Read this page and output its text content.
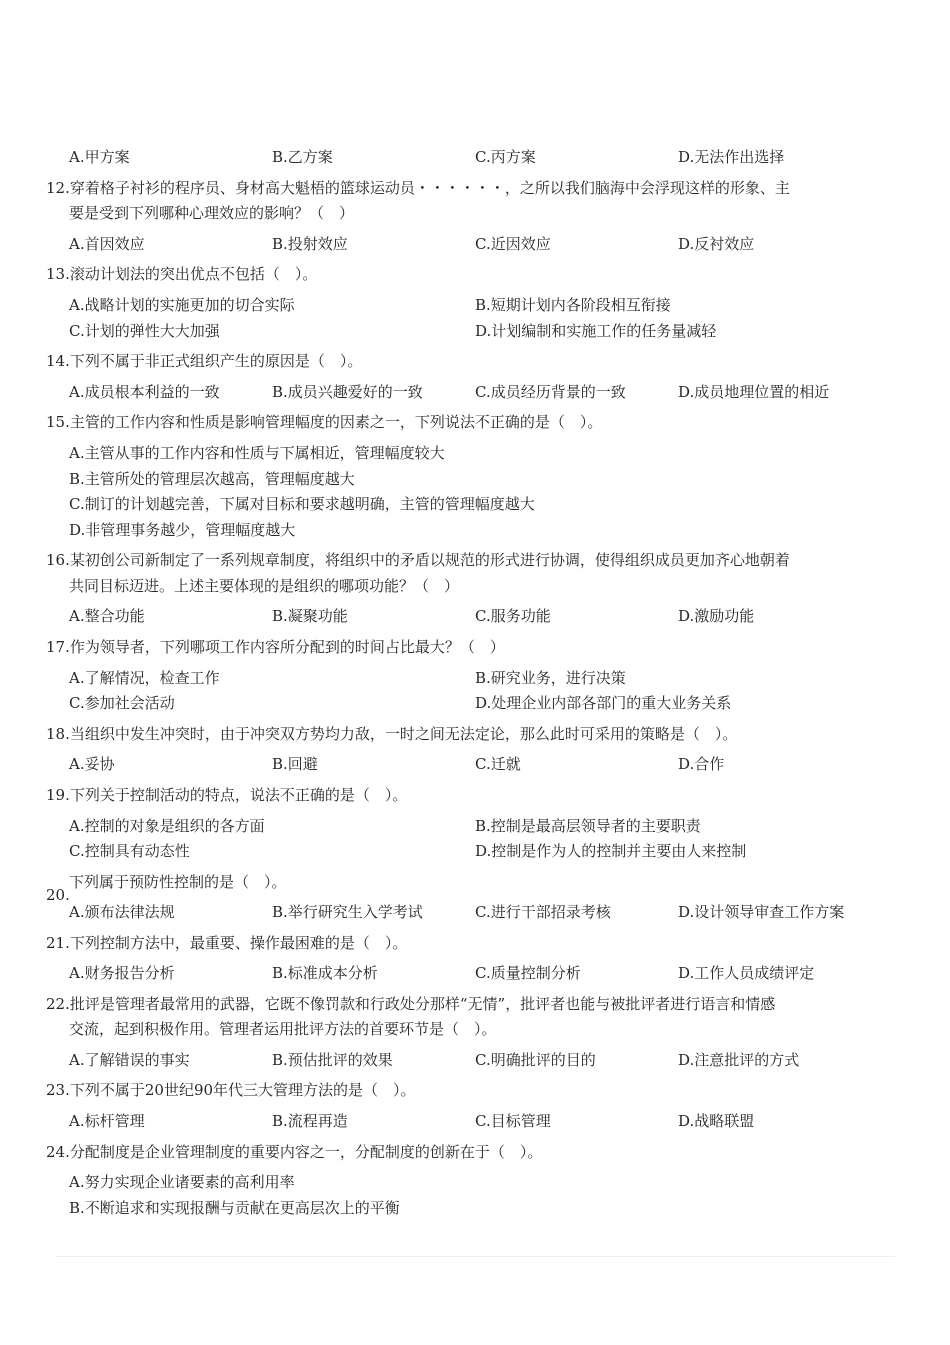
A.甲方案	B.乙方案	C.丙方案	D.无法作出选择
12.穿着格子衬衫的程序员、身材高大魁梧的篮球运动员・・・・・・，之所以我们脑海中会浮现这样的形象、主
要是受到下列哪种心理效应的影响？（　）
A.首因效应	B.投射效应	C.近因效应	D.反衬效应
13.滚动计划法的突出优点不包括（　）。
A.战略计划的实施更加的切合实际	B.短期计划内各阶段相互衔接
C.计划的弹性大大加强	D.计划编制和实施工作的任务量减轻
14.下列不属于非正式组织产生的原因是（　）。
A.成员根本利益的一致	B.成员兴趣爱好的一致	C.成员经历背景的一致	D.成员地理位置的相近
15.主管的工作内容和性质是影响管理幅度的因素之一，下列说法不正确的是（　）。
A.主管从事的工作内容和性质与下属相近，管理幅度较大
B.主管所处的管理层次越高，管理幅度越大
C.制订的计划越完善，下属对目标和要求越明确，主管的管理幅度越大
D.非管理事务越少，管理幅度越大
16.某初创公司新制定了一系列规章制度，将组织中的矛盾以规范的形式进行协调，使得组织成员更加齐心地朝着
共同目标迈进。上述主要体现的是组织的哪项功能？（　）
A.整合功能	B.凝聚功能	C.服务功能	D.激励功能
17.作为领导者，下列哪项工作内容所分配到的时间占比最大？（　）
A.了解情况，检查工作	B.研究业务，进行决策
C.参加社会活动	D.处理企业内部各部门的重大业务关系
18.当组织中发生冲突时，由于冲突双方势均力敌，一时之间无法定论，那么此时可采用的策略是（　）。
A.妥协	B.回避	C.迁就	D.合作
19.下列关于控制活动的特点，说法不正确的是（　）。
A.控制的对象是组织的各方面	B.控制是最高层领导者的主要职责
C.控制具有动态性	D.控制是作为人的控制并主要由人来控制
下列属于预防性控制的是（　）。
20.
A.颁布法律法规	B.举行研究生入学考试	C.进行干部招录考核	D.设计领导审查工作方案
21.下列控制方法中，最重要、操作最困难的是（　）。
A.财务报告分析	B.标准成本分析	C.质量控制分析	D.工作人员成绩评定
22.批评是管理者最常用的武器，它既不像罚款和行政处分那样“无情”，批评者也能与被批评者进行语言和情感
交流，起到积极作用。管理者运用批评方法的首要环节是（　）。
A.了解错误的事实	B.预估批评的效果	C.明确批评的目的	D.注意批评的方式
23.下列不属于20世纪90年代三大管理方法的是（　）。
A.标杆管理	B.流程再造	C.目标管理	D.战略联盟
24.分配制度是企业管理制度的重要内容之一，分配制度的创新在于（　）。
A.努力实现企业诸要素的高利用率
B.不断追求和实现报酬与贡献在更高层次上的平衡
